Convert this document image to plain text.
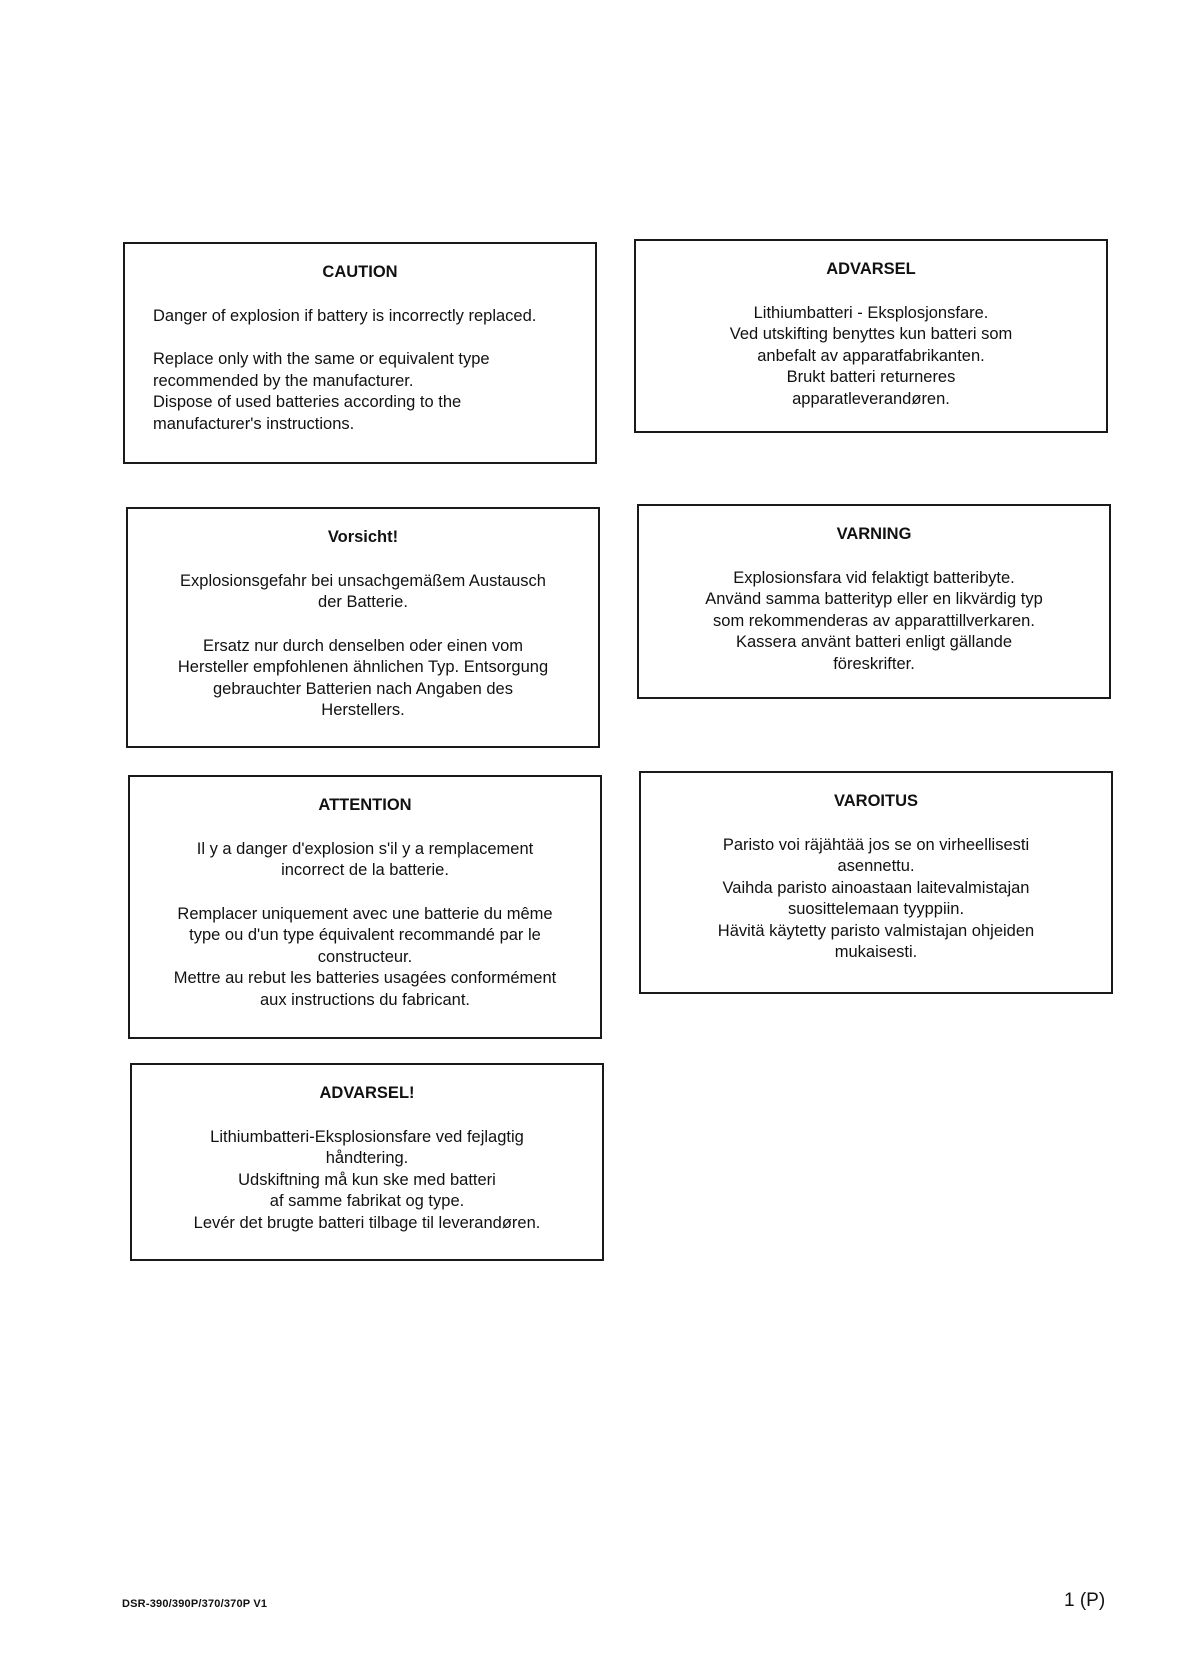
CAUTION
Danger of explosion if battery is incorrectly replaced.
Replace only with the same or equivalent type
recommended by the manufacturer.
Dispose of used batteries according to the
manufacturer's instructions.
ADVARSEL
Lithiumbatteri - Eksplosjonsfare.
Ved utskifting benyttes kun batteri som
anbefalt av apparatfabrikanten.
Brukt batteri returneres
apparatleverandøren.
Vorsicht!
Explosionsgefahr bei unsachgemäßem Austausch
der Batterie.
Ersatz nur durch denselben oder einen vom
Hersteller empfohlenen ähnlichen Typ. Entsorgung
gebrauchter Batterien nach Angaben des
Herstellers.
VARNING
Explosionsfara vid felaktigt batteribyte.
Använd samma batterityp eller en likvärdig typ
som rekommenderas av apparattillverkaren.
Kassera använt batteri enligt gällande
föreskrifter.
ATTENTION
Il y a danger d'explosion s'il y a remplacement
incorrect de la batterie.
Remplacer uniquement avec une batterie du même
type ou d'un type équivalent recommandé par le
constructeur.
Mettre au rebut les batteries usagées conformément
aux instructions du fabricant.
VAROITUS
Paristo voi räjähtää jos se on virheellisesti
asennettu.
Vaihda paristo ainoastaan laitevalmistajan
suosittelemaan tyyppiin.
Hävitä käytetty paristo valmistajan ohjeiden
mukaisesti.
ADVARSEL!
Lithiumbatteri-Eksplosionsfare ved fejlagtig
håndtering.
Udskiftning må kun ske med batteri
af samme fabrikat og type.
Levér det brugte batteri tilbage til leverandøren.
DSR-390/390P/370/370P V1	1 (P)
